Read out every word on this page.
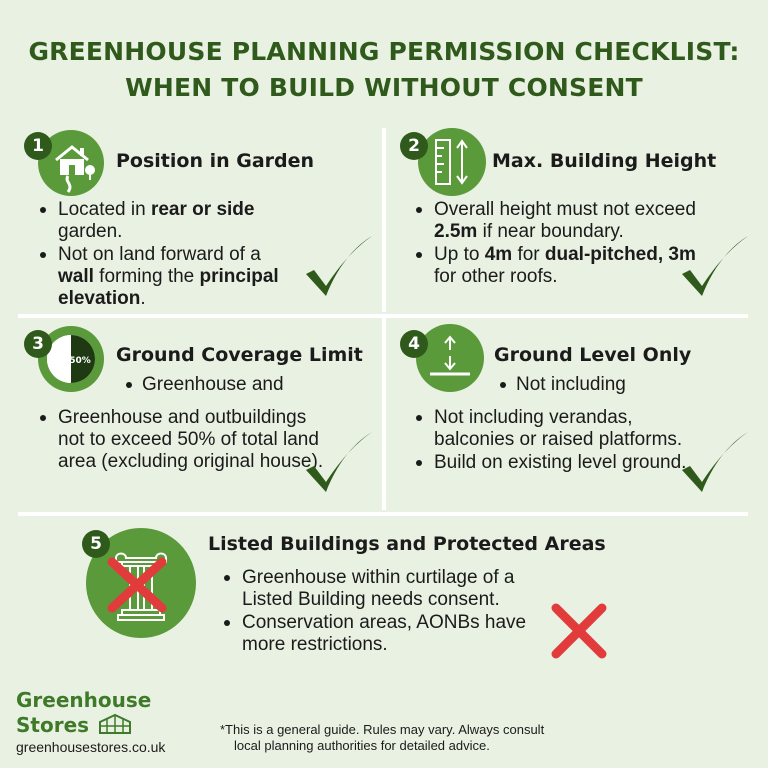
GREENHOUSE PLANNING PERMISSION CHECKLIST:
WHEN TO BUILD WITHOUT CONSENT
1
Position in Garden
Located in rear or side garden.
Not on land forward of a wall forming the principal elevation.
2
Max. Building Height
Overall height must not exceed 2.5m if near boundary.
Up to 4m for dual-pitched, 3m for other roofs.
50%
3	Ground Coverage Limit
Greenhouse and
Greenhouse and outbuildings not to exceed 50% of total land area (excluding original house).
4	Ground Level Only
Not including
Not including verandas, balconies or raised platforms.
Build on existing level ground.
5	Listed Buildings and Protected Areas
Greenhouse within curtilage of a Listed Building needs consent.
Conservation areas, AONBs have more restrictions.
Greenhouse
Stores
greenhousestores.co.uk
*This is a general guide. Rules may vary. Always consult
local planning authorities for detailed advice.
